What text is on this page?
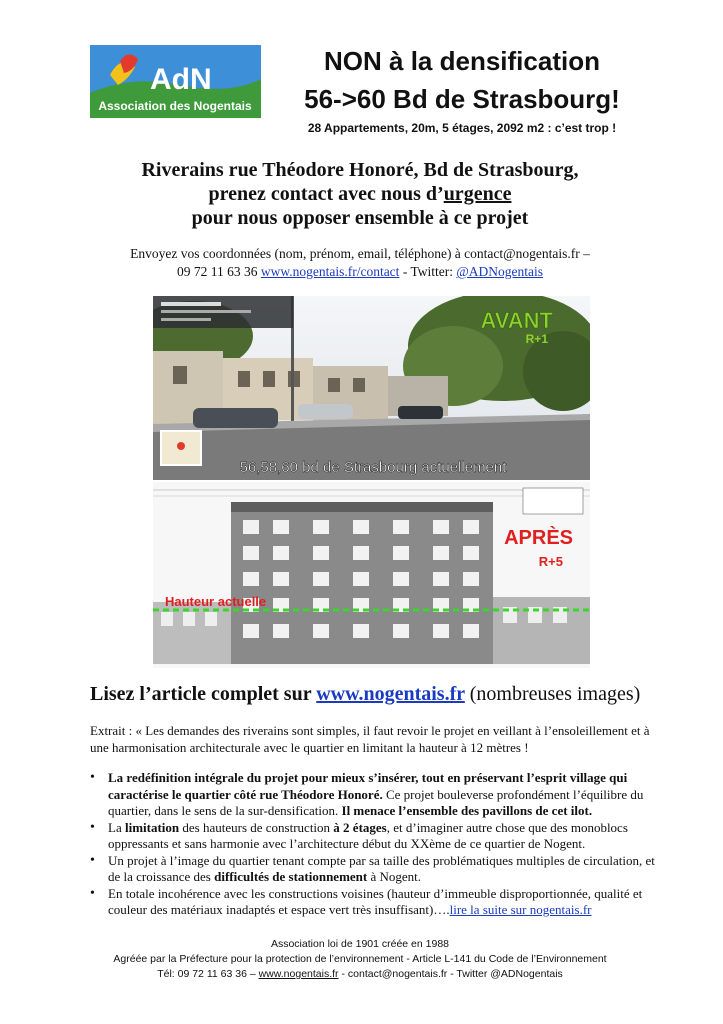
AdN
Association des Nogentais
NON à la densification
56->60 Bd de Strasbourg!
28 Appartements, 20m, 5 étages, 2092 m2 : c’est trop !
Riverains rue Théodore Honoré, Bd de Strasbourg,
prenez contact avec nous d’urgence
pour nous opposer ensemble à ce projet
Envoyez vos coordonnées (nom, prénom, email, téléphone) à contact@nogentais.fr –
09 72 11 63 36 www.nogentais.fr/contact - Twitter: @ADNogentais
AVANT
R+1
56,58,60 bd de Strasbourg actuellement
APRÈS
R+5
Hauteur actuelle
Lisez l’article complet sur www.nogentais.fr (nombreuses images)
Extrait : « Les demandes des riverains sont simples, il faut revoir le projet en veillant à l’ensoleillement et à une harmonisation architecturale avec le quartier en limitant la hauteur à 12 mètres !
• La redéfinition intégrale du projet pour mieux s’insérer, tout en préservant l’esprit village qui caractérise le quartier côté rue Théodore Honoré. Ce projet bouleverse profondément l’équilibre du quartier, dans le sens de la sur-densification. Il menace l’ensemble des pavillons de cet ilot.
• La limitation des hauteurs de construction à 2 étages, et d’imaginer autre chose que des monoblocs oppressants et sans harmonie avec l’architecture début du XXème de ce quartier de Nogent.
• Un projet à l’image du quartier tenant compte par sa taille des problématiques multiples de circulation, et de la croissance des difficultés de stationnement à Nogent.
• En totale incohérence avec les constructions voisines (hauteur d’immeuble disproportionnée, qualité et couleur des matériaux inadaptés et espace vert très insuffisant)….lire la suite sur nogentais.fr
Association loi de 1901 créée en 1988
Agréée par la Préfecture pour la protection de l’environnement - Article L-141 du Code de l’Environnement
Tél: 09 72 11 63 36 – www.nogentais.fr - contact@nogentais.fr - Twitter @ADNogentais
